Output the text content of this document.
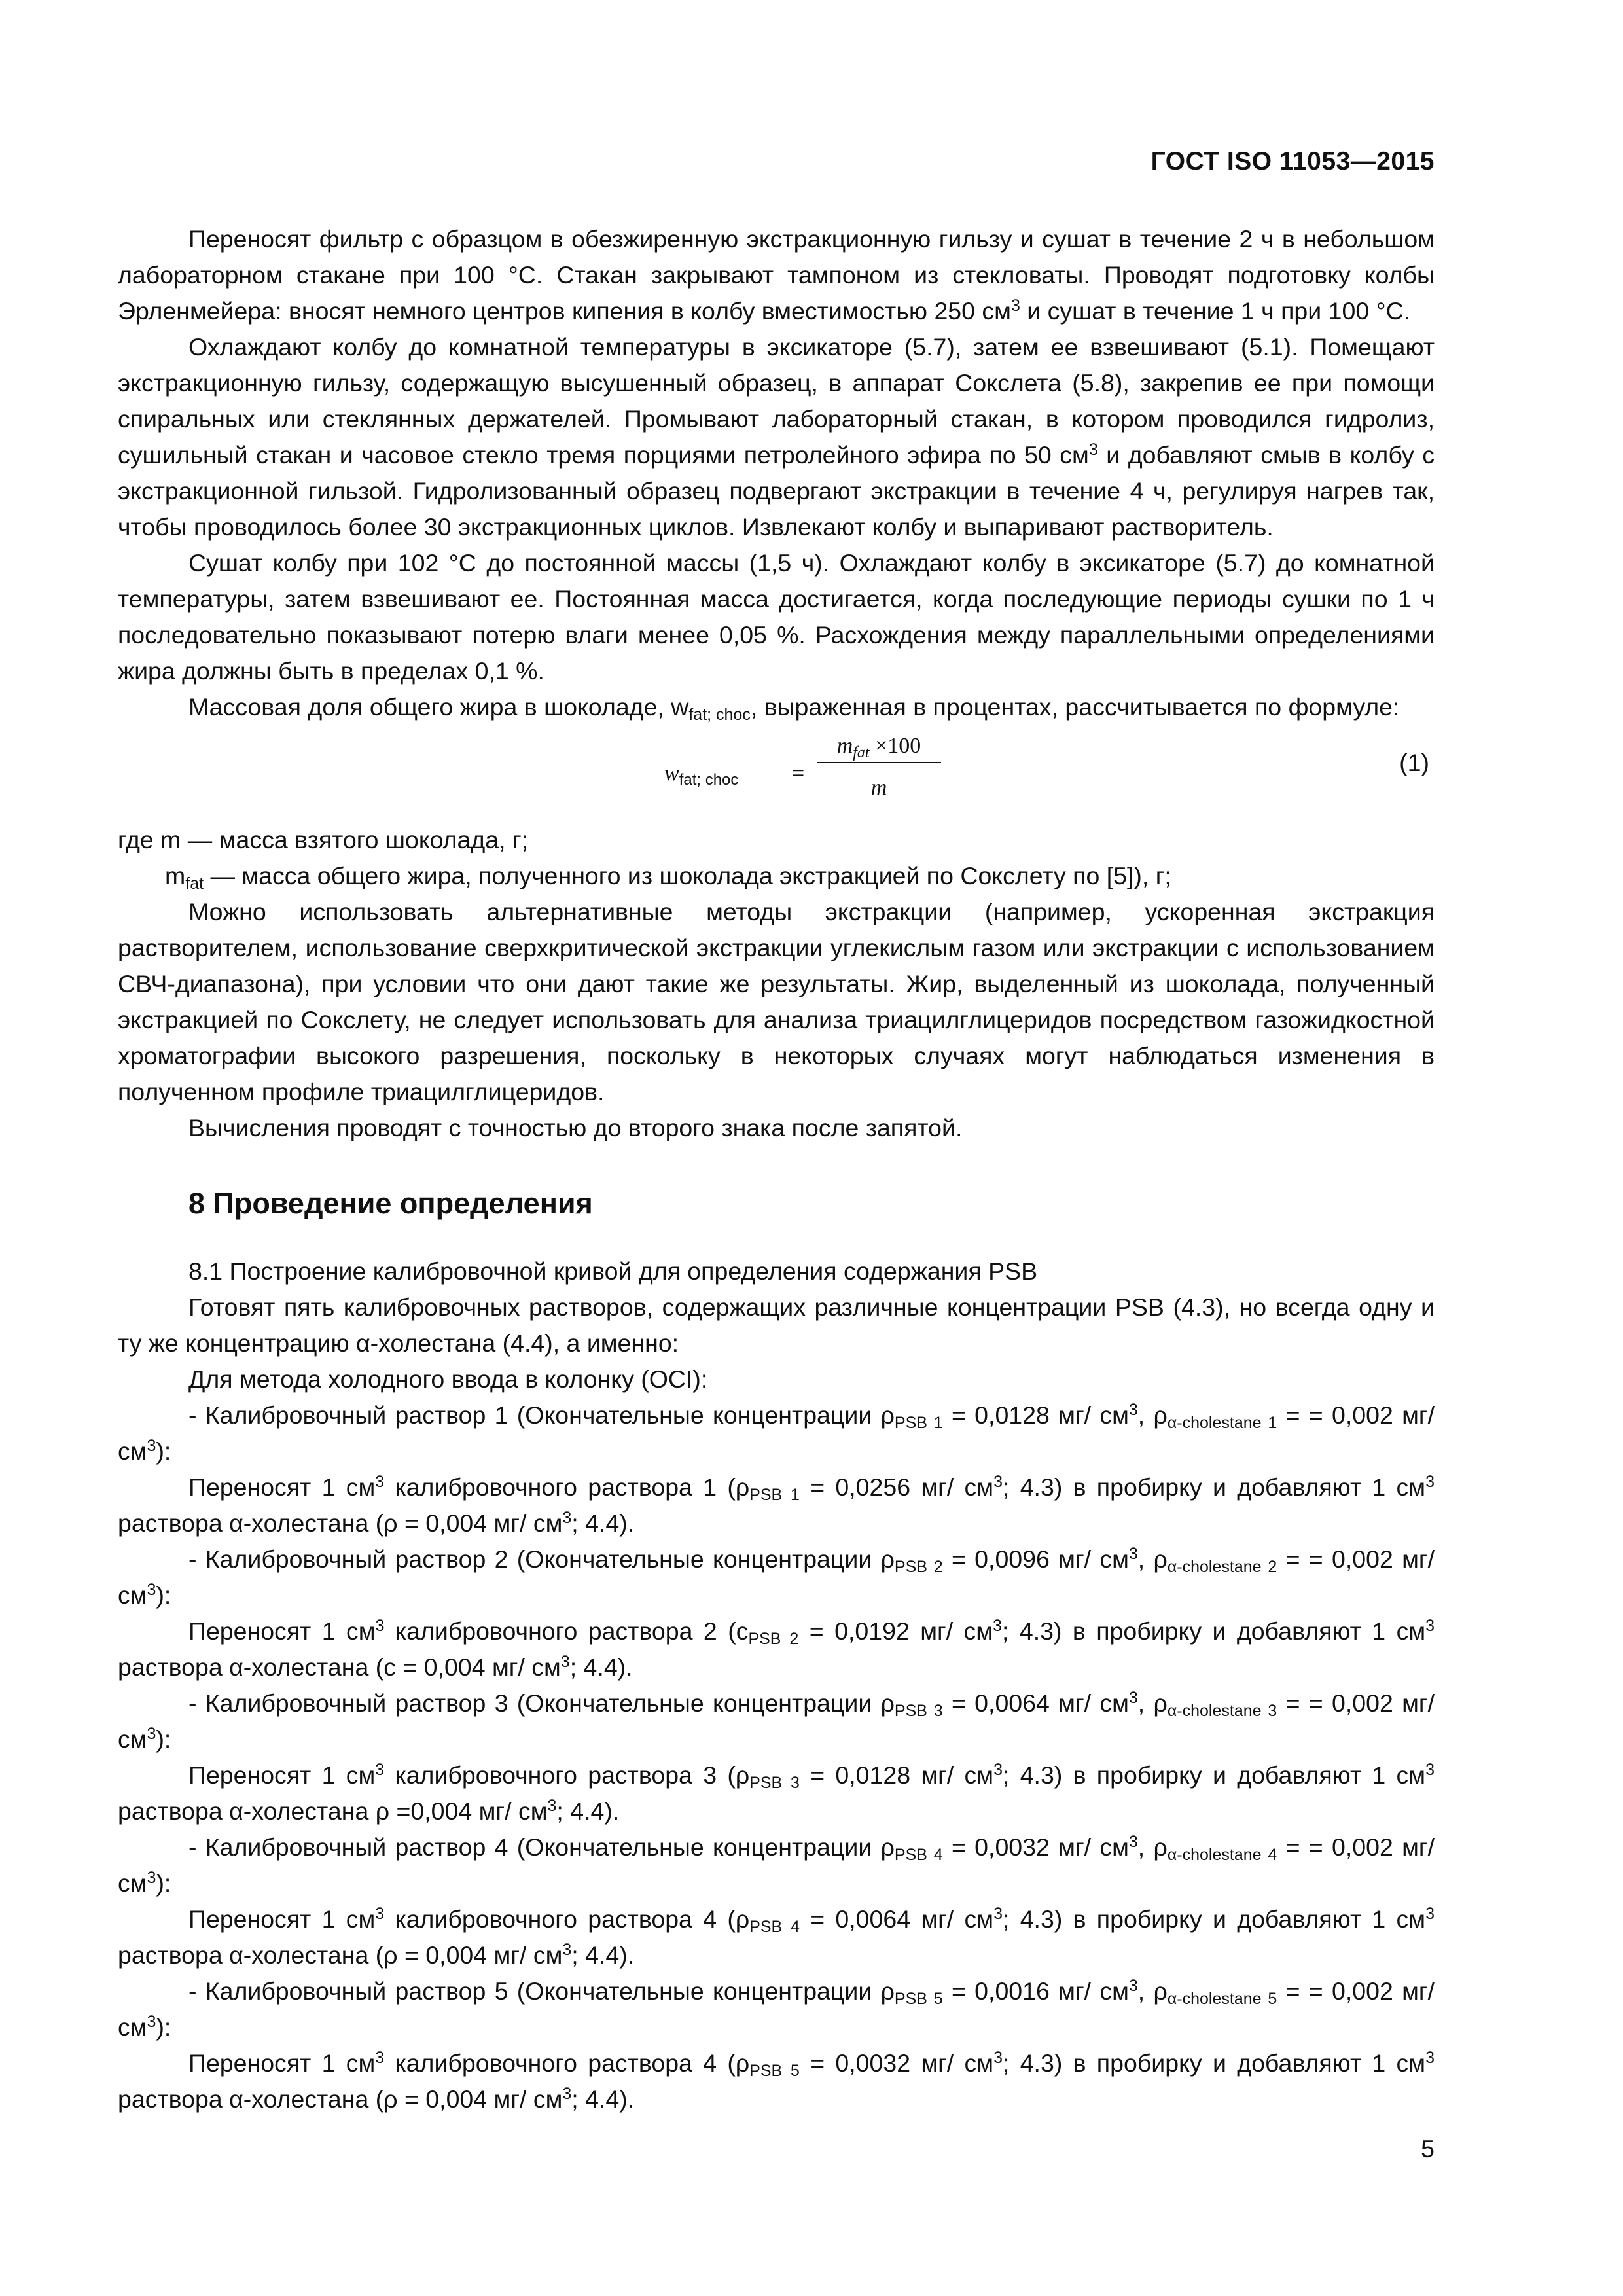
ГОСТ ISO 11053—2015

Переносят фильтр с образцом в обезжиренную экстракционную гильзу и сушат в течение 2 ч в небольшом лабораторном стакане при 100 °С. Стакан закрывают тампоном из стекловаты. Проводят подготовку колбы Эрленмейера: вносят немного центров кипения в колбу вместимостью 250 $см^3$ и сушат в течение 1 ч при 100 °С.

Охлаждают колбу до комнатной температуры в эксикаторе (5.7), затем ее взвешивают (5.1). Помещают экстракционную гильзу, содержащую высушенный образец, в аппарат Сокслета (5.8), закрепив ее при помощи спиральных или стеклянных держателей. Промывают лабораторный стакан, в котором проводился гидролиз, сушильный стакан и часовое стекло тремя порциями петролейного эфира по 50 $см^3$ и добавляют смыв в колбу с экстракционной гильзой. Гидролизованный образец подвергают экстракции в течение 4 ч, регулируя нагрев так, чтобы проводилось более 30 экстракционных циклов. Извлекают колбу и выпаривают растворитель.

Сушат колбу при 102 °С до постоянной массы (1,5 ч). Охлаждают колбу в эксикаторе (5.7) до комнатной температуры, затем взвешивают ее. Постоянная масса достигается, когда последующие периоды сушки по 1 ч последовательно показывают потерю влаги менее 0,05 %. Расхождения между параллельными определениями жира должны быть в пределах 0,1 %.

Массовая доля общего жира в шоколаде, $w_{fat; choc}$, выраженная в процентах, рассчитывается по формуле:

$w_{fat; choc}$ =
$m_{fat} \times 100$
m
(1)

где m — масса взятого шоколада, г;

$m_{fat}$ — масса общего жира, полученного из шоколада экстракцией по Сокслету по [5]), г;

Можно использовать альтернативные методы экстракции (например, ускоренная экстракция растворителем, использование сверхкритической экстракции углекислым газом или экстракции с использованием СВЧ-диапазона), при условии что они дают такие же результаты. Жир, выделенный из шоколада, полученный экстракцией по Сокслету, не следует использовать для анализа триацилглицеридов посредством газожидкостной хроматографии высокого разрешения, поскольку в некоторых случаях могут наблюдаться изменения в полученном профиле триацилглицеридов.

Вычисления проводят с точностью до второго знака после запятой.

8 Проведение определения

8.1 Построение калибровочной кривой для определения содержания PSB

Готовят пять калибровочных растворов, содержащих различные концентрации PSB (4.3), но всегда одну и ту же концентрацию α-холестана (4.4), а именно:

Для метода холодного ввода в колонку (OCI):

- Калибровочный раствор 1 (Окончательные концентрации $\rho_{PSB 1} = 0,0128$ мг/ $см^3$, $\rho_{\alpha-cholestane 1}$ = = 0,002 мг/ $см^3$):

Переносят 1 $см^3$ калибровочного раствора 1 ($\rho_{PSB 1} = 0,0256$ мг/ $см^3$; 4.3) в пробирку и добавляют 1 $см^3$ раствора α-холестана (ρ = 0,004 мг/ $см^3$; 4.4).

- Калибровочный раствор 2 (Окончательные концентрации $\rho_{PSB 2} = 0,0096$ мг/ $см^3$, $\rho_{\alpha-cholestane 2}$ = = 0,002 мг/ $см^3$):

Переносят 1 $см^3$ калибровочного раствора 2 ($c_{PSB 2} = 0,0192$ мг/ $см^3$; 4.3) в пробирку и добавляют 1 $см^3$ раствора α-холестана (c = 0,004 мг/ $см^3$; 4.4).

- Калибровочный раствор 3 (Окончательные концентрации $\rho_{PSB 3} = 0,0064$ мг/ $см^3$, $\rho_{\alpha-cholestane 3}$ = = 0,002 мг/ $см^3$):

Переносят 1 $см^3$ калибровочного раствора 3 ($\rho_{PSB 3} = 0,0128$ мг/ $см^3$; 4.3) в пробирку и добавляют 1 $см^3$ раствора α-холестана ρ =0,004 мг/ $см^3$; 4.4).

- Калибровочный раствор 4 (Окончательные концентрации $\rho_{PSB 4} = 0,0032$ мг/ $см^3$, $\rho_{\alpha-cholestane 4}$ = = 0,002 мг/ $см^3$):

Переносят 1 $см^3$ калибровочного раствора 4 ($\rho_{PSB 4} = 0,0064$ мг/ $см^3$; 4.3) в пробирку и добавляют 1 $см^3$ раствора α-холестана (ρ = 0,004 мг/ $см^3$; 4.4).

- Калибровочный раствор 5 (Окончательные концентрации $\rho_{PSB 5} = 0,0016$ мг/ $см^3$, $\rho_{\alpha-cholestane 5}$ = = 0,002 мг/ $см^3$):

Переносят 1 $см^3$ калибровочного раствора 4 ($\rho_{PSB 5} = 0,0032$ мг/ $см^3$; 4.3) в пробирку и добавляют 1 $см^3$ раствора α-холестана (ρ = 0,004 мг/ $см^3$; 4.4).

5
